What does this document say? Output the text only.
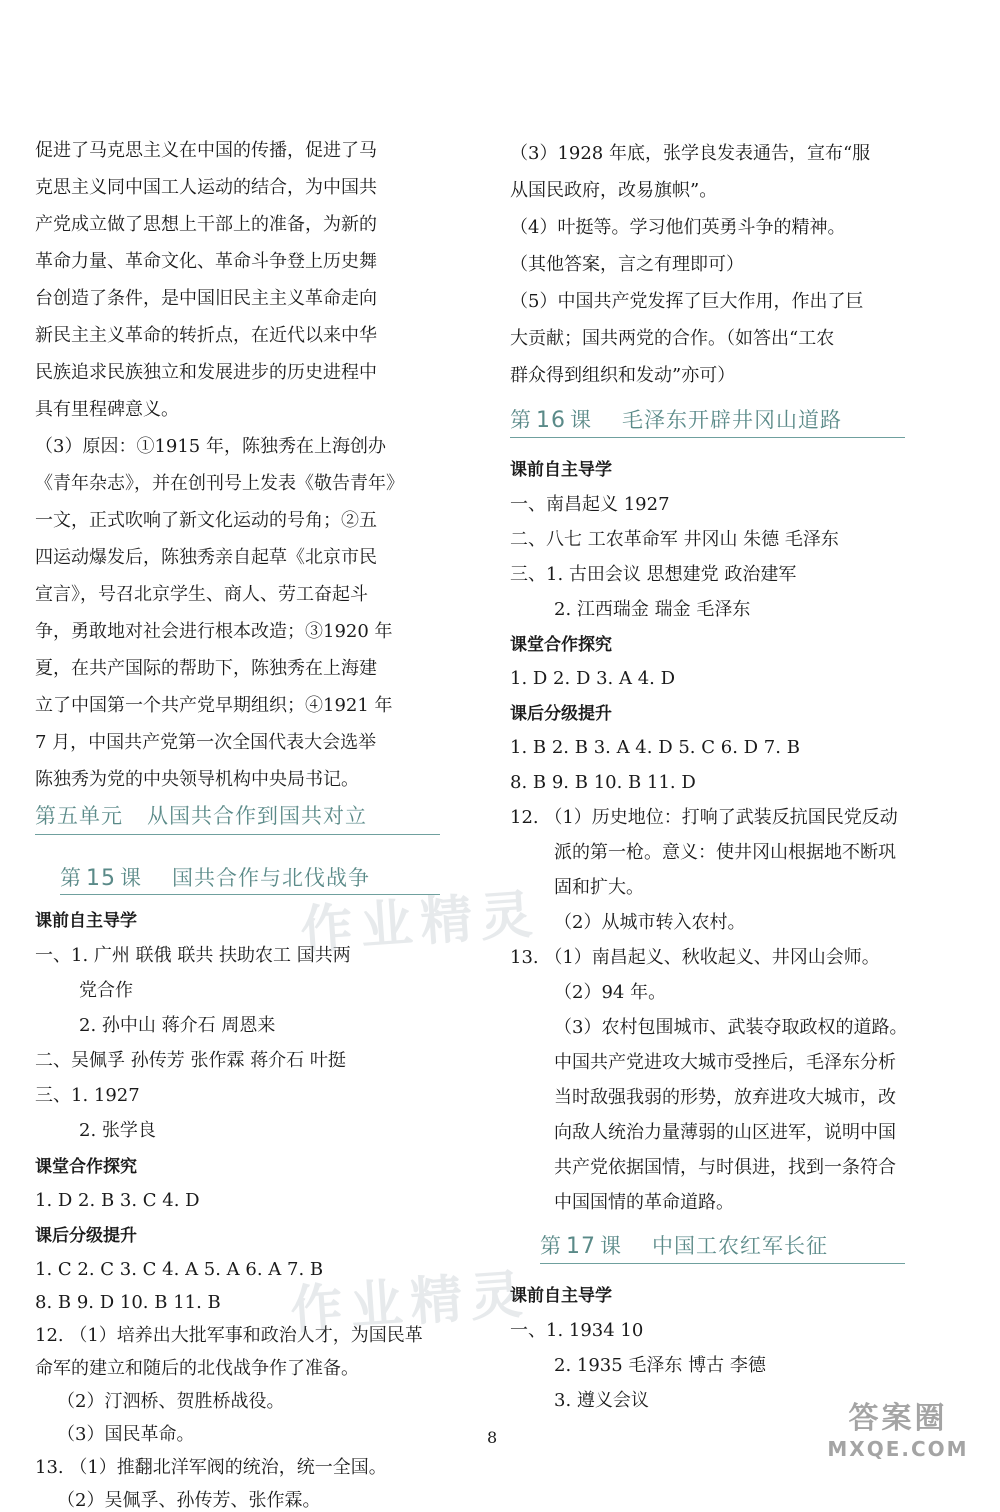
促进了马克思主义在中国的传播，促进了马
克思主义同中国工人运动的结合，为中国共
产党成立做了思想上干部上的准备，为新的
革命力量、革命文化、革命斗争登上历史舞
台创造了条件，是中国旧民主主义革命走向
新民主主义革命的转折点，在近代以来中华
民族追求民族独立和发展进步的历史进程中
具有里程碑意义。
（3）原因：①1915 年，陈独秀在上海创办
《青年杂志》，并在创刊号上发表《敬告青年》
一文，正式吹响了新文化运动的号角；②五
四运动爆发后，陈独秀亲自起草《北京市民
宣言》，号召北京学生、商人、劳工奋起斗
争，勇敢地对社会进行根本改造；③1920 年
夏，在共产国际的帮助下，陈独秀在上海建
立了中国第一个共产党早期组织；④1921 年
7 月，中国共产党第一次全国代表大会选举
陈独秀为党的中央领导机构中央局书记。
第五单元 从国共合作到国共对立
第 15 课 国共合作与北伐战争
课前自主导学
一、1. 广州 联俄 联共 扶助农工 国共两
党合作
2. 孙中山 蒋介石 周恩来
二、吴佩孚 孙传芳 张作霖 蒋介石 叶挺
三、1. 1927
2. 张学良
课堂合作探究
1. D 2. B 3. C 4. D
课后分级提升
1. C 2. C 3. C 4. A 5. A 6. A 7. B
8. B 9. D 10. B 11. B
12. （1）培养出大批军事和政治人才，为国民革
命军的建立和随后的北伐战争作了准备。
（2）汀泗桥、贺胜桥战役。
（3）国民革命。
13. （1）推翻北洋军阀的统治，统一全国。
（2）吴佩孚、孙传芳、张作霖。
（3）1928 年底，张学良发表通告，宣布“服
从国民政府，改易旗帜”。
（4）叶挺等。学习他们英勇斗争的精神。
（其他答案，言之有理即可）
（5）中国共产党发挥了巨大作用，作出了巨
大贡献；国共两党的合作。（如答出“工农
群众得到组织和发动”亦可）
第 16 课 毛泽东开辟井冈山道路
课前自主导学
一、南昌起义 1927
二、八七 工农革命军 井冈山 朱德 毛泽东
三、1. 古田会议 思想建党 政治建军
2. 江西瑞金 瑞金 毛泽东
课堂合作探究
1. D 2. D 3. A 4. D
课后分级提升
1. B 2. B 3. A 4. D 5. C 6. D 7. B
8. B 9. B 10. B 11. D
12. （1）历史地位：打响了武装反抗国民党反动
派的第一枪。意义：使井冈山根据地不断巩
固和扩大。
（2）从城市转入农村。
13. （1）南昌起义、秋收起义、井冈山会师。
（2）94 年。
（3）农村包围城市、武装夺取政权的道路。
中国共产党进攻大城市受挫后，毛泽东分析
当时敌强我弱的形势，放弃进攻大城市，改
向敌人统治力量薄弱的山区进军，说明中国
共产党依据国情，与时俱进，找到一条符合
中国国情的革命道路。
第 17 课 中国工农红军长征
课前自主导学
一、1. 1934 10
2. 1935 毛泽东 博古 李德
3. 遵义会议
作业精灵
作业精灵
答案圈
MXQE.COM
8
